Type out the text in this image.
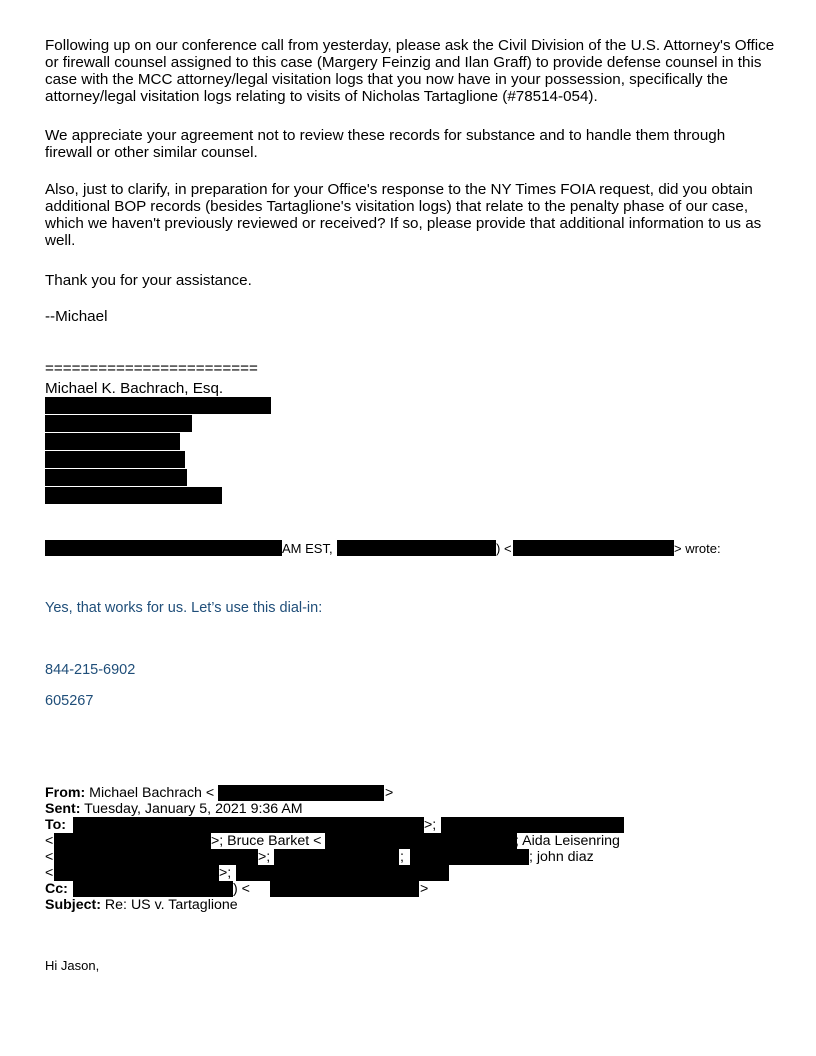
Following up on our conference call from yesterday, please ask the Civil Division of the U.S. Attorney's Office or firewall counsel assigned to this case (Margery Feinzig and Ilan Graff) to provide defense counsel in this case with the MCC attorney/legal visitation logs that you now have in your possession, specifically the attorney/legal visitation logs relating to visits of Nicholas Tartaglione (#78514-054).

We appreciate your agreement not to review these records for substance and to handle them through firewall or other similar counsel.

Also, just to clarify, in preparation for your Office's response to the NY Times FOIA request, did you obtain additional BOP records (besides Tartaglione's visitation logs) that relate to the penalty phase of our case, which we haven't previously reviewed or received? If so, please provide that additional information to us as well.

Thank you for your assistance.

--Michael

========================
Michael K. Bachrach, Esq.
AM EST,	) <	> wrote:
Yes, that works for us. Let’s use this dial-in:
844-215-6902
605267
From: Michael Bachrach <	>
Sent: Tuesday, January 5, 2021 9:36 AM
To:	>;
<	>; Bruce Barket <	; Aida Leisenring
<	>;	;	; john diaz
<	>;
Cc:	) <	>
Subject: Re: US v. Tartaglione
Hi Jason,
